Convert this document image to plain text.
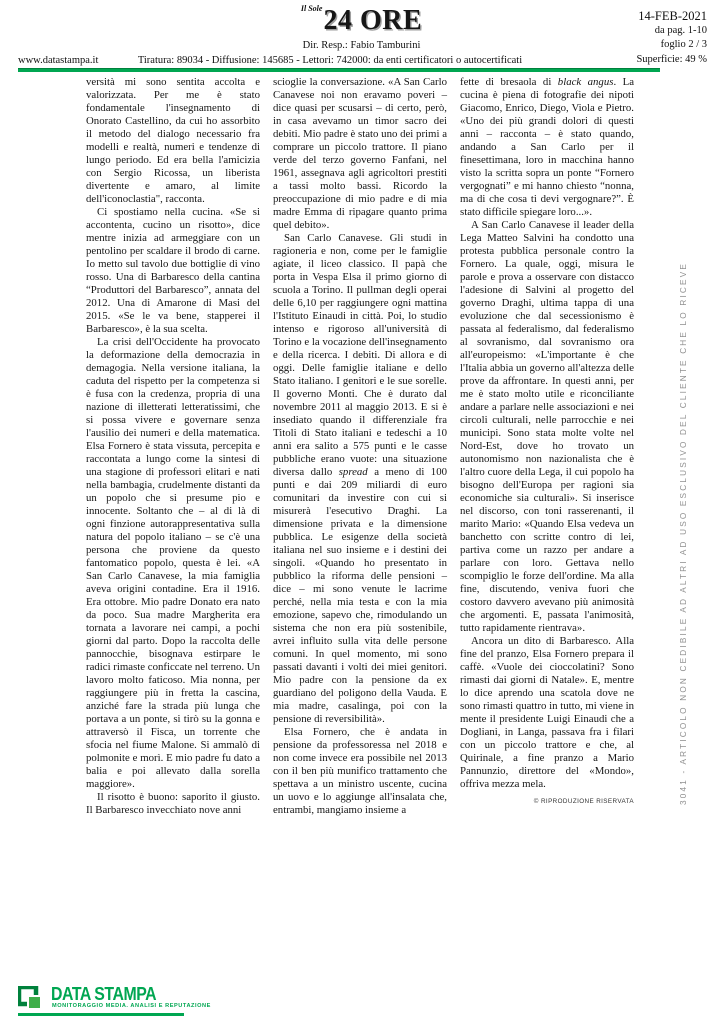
$^{Il Sole}$24 ORE	14-FEB-2021
da pag. 1-10
foglio 2 / 3
Superficie: 49 %
Dir. Resp.: Fabio Tamburini
www.datastampa.it	Tiratura: 89034 - Diffusione: 145685 - Lettori: 742000: da enti certificatori o autocertificati

versità mi sono sentita accolta e valorizzata. Per me è stato fondamentale l'insegnamento di Onorato Castellino, da cui ho assorbito il metodo del dialogo necessario fra modelli e realtà, numeri e tendenze di lungo periodo. Ed era bella l'amicizia con Sergio Ricossa, un liberista divertente e amaro, al limite dell'iconoclastia", racconta.

Ci spostiamo nella cucina. «Se si accontenta, cucino un risotto», dice mentre inizia ad armeggiare con un pentolino per scaldare il brodo di carne. Io metto sul tavolo due bottiglie di vino rosso. Una di Barbaresco della cantina “Produttori del Barbaresco”, annata del 2012. Una di Amarone di Masi del 2015. «Se le va bene, stapperei il Barbaresco», è la sua scelta.

La crisi dell'Occidente ha provocato la deformazione della democrazia in demagogia. Nella versione italiana, la caduta del rispetto per la competenza si è fusa con la credenza, propria di una nazione di illetterati letteratissimi, che si possa vivere e governare senza l'ausilio dei numeri e della matematica. Elsa Fornero è stata vissuta, percepita e raccontata a lungo come la sintesi di una stagione di professori elitari e nati nella bambagia, crudelmente distanti da un popolo che si presume pio e innocente. Soltanto che – al di là di ogni finzione autorappresentativa sulla natura del popolo italiano – se c'è una persona che proviene da questo fantomatico popolo, questa è lei. «A San Carlo Canavese, la mia famiglia aveva origini contadine. Era il 1916. Era ottobre. Mio padre Donato era nato da poco. Sua madre Margherita era tornata a lavorare nei campi, a pochi giorni dal parto. Dopo la raccolta delle pannocchie, bisognava estirpare le radici rimaste conficcate nel terreno. Un lavoro molto faticoso. Mia nonna, per raggiungere più in fretta la cascina, anziché fare la strada più lunga che portava a un ponte, si tirò su la gonna e attraversò il Fisca, un torrente che sfocia nel fiume Malone. Si ammalò di polmonite e morì. E mio padre fu dato a balia e poi allevato dalla sorella maggiore».

Il risotto è buono: saporito il giusto. Il Barbaresco invecchiato nove anni

scioglie la conversazione. «A San Carlo Canavese noi non eravamo poveri – dice quasi per scusarsi – di certo, però, in casa avevamo un timor sacro dei debiti. Mio padre è stato uno dei primi a comprare un piccolo trattore. Il piano verde del terzo governo Fanfani, nel 1961, assegnava agli agricoltori prestiti a tassi molto bassi. Ricordo la preoccupazione di mio padre e di mia madre Emma di ripagare quanto prima quel debito».

San Carlo Canavese. Gli studi in ragioneria e non, come per le famiglie agiate, il liceo classico. Il papà che porta in Vespa Elsa il primo giorno di scuola a Torino. Il pullman degli operai delle 6,10 per raggiungere ogni mattina l'Istituto Einaudi in città. Poi, lo studio intenso e rigoroso all'università di Torino e la vocazione dell'insegnamento e della ricerca. I debiti. Di allora e di oggi. Delle famiglie italiane e dello Stato italiano. I genitori e le sue sorelle. Il governo Monti. Che è durato dal novembre 2011 al maggio 2013. E si è insediato quando il differenziale fra Titoli di Stato italiani e tedeschi a 10 anni era salito a 575 punti e le casse pubbliche erano vuote: una situazione diversa dallo spread a meno di 100 punti e dai 209 miliardi di euro comunitari da investire con cui si misurerà l'esecutivo Draghi. La dimensione privata e la dimensione pubblica. Le esigenze della società italiana nel suo insieme e i destini dei singoli. «Quando ho presentato in pubblico la riforma delle pensioni – dice – mi sono venute le lacrime perché, nella mia testa e con la mia emozione, sapevo che, rimodulando un sistema che non era più sostenibile, avrei influito sulla vita delle persone comuni. In quel momento, mi sono passati davanti i volti dei miei genitori. Mio padre con la pensione da ex guardiano del poligono della Vauda. E mia madre, casalinga, poi con la pensione di reversibilità».

Elsa Fornero, che è andata in pensione da professoressa nel 2018 e non come invece era possibile nel 2013 con il ben più munifico trattamento che spettava a un ministro uscente, cucina un uovo e lo aggiunge all'insalata che, entrambi, mangiamo insieme a

fette di bresaola di black angus. La cucina è piena di fotografie dei nipoti Giacomo, Enrico, Diego, Viola e Pietro. «Uno dei più grandi dolori di questi anni – racconta – è stato quando, andando a San Carlo per il finesettimana, loro in macchina hanno visto la scritta sopra un ponte “Fornero vergognati” e mi hanno chiesto “nonna, ma di che cosa ti devi vergognare?”. È stato difficile spiegare loro...».

A San Carlo Canavese il leader della Lega Matteo Salvini ha condotto una protesta pubblica personale contro la Fornero. La quale, oggi, misura le parole e prova a osservare con distacco l'adesione di Salvini al progetto del governo Draghi, ultima tappa di una evoluzione che dal secessionismo è passata al federalismo, dal federalismo al sovranismo, dal sovranismo ora all'europeismo: «L'importante è che l'Italia abbia un governo all'altezza delle prove da affrontare. In questi anni, per me è stato molto utile e riconciliante andare a parlare nelle associazioni e nei circoli culturali, nelle parrocchie e nei municipi. Sono stata molte volte nel Nord-Est, dove ho trovato un autonomismo non nazionalista che è l'altro cuore della Lega, il cui popolo ha bisogno dell'Europa per ragioni sia economiche sia culturali». Si inserisce nel discorso, con toni rasserenanti, il marito Mario: «Quando Elsa vedeva un banchetto con scritte contro di lei, partiva come un razzo per andare a parlare con loro. Gettava nello scompiglio le forze dell'ordine. Ma alla fine, discutendo, veniva fuori che costoro davvero avevano più animosità che argomenti. E, passata l'animosità, tutto rapidamente rientrava».

Ancora un dito di Barbaresco. Alla fine del pranzo, Elsa Fornero prepara il caffè. «Vuole dei cioccolatini? Sono rimasti dai giorni di Natale». E, mentre lo dice aprendo una scatola dove ne sono rimasti quattro in tutto, mi viene in mente il presidente Luigi Einaudi che a Dogliani, in Langa, passava fra i filari con un piccolo trattore e che, al Quirinale, a fine pranzo a Mario Pannunzio, direttore del «Mondo», offriva mezza mela.

© RIPRODUZIONE RISERVATA	3041 - ARTICOLO NON CEDIBILE AD ALTRI AD USO ESCLUSIVO DEL CLIENTE CHE LO RICEVE
DATA STAMPA
MONITORAGGIO MEDIA. ANALISI E REPUTAZIONE
